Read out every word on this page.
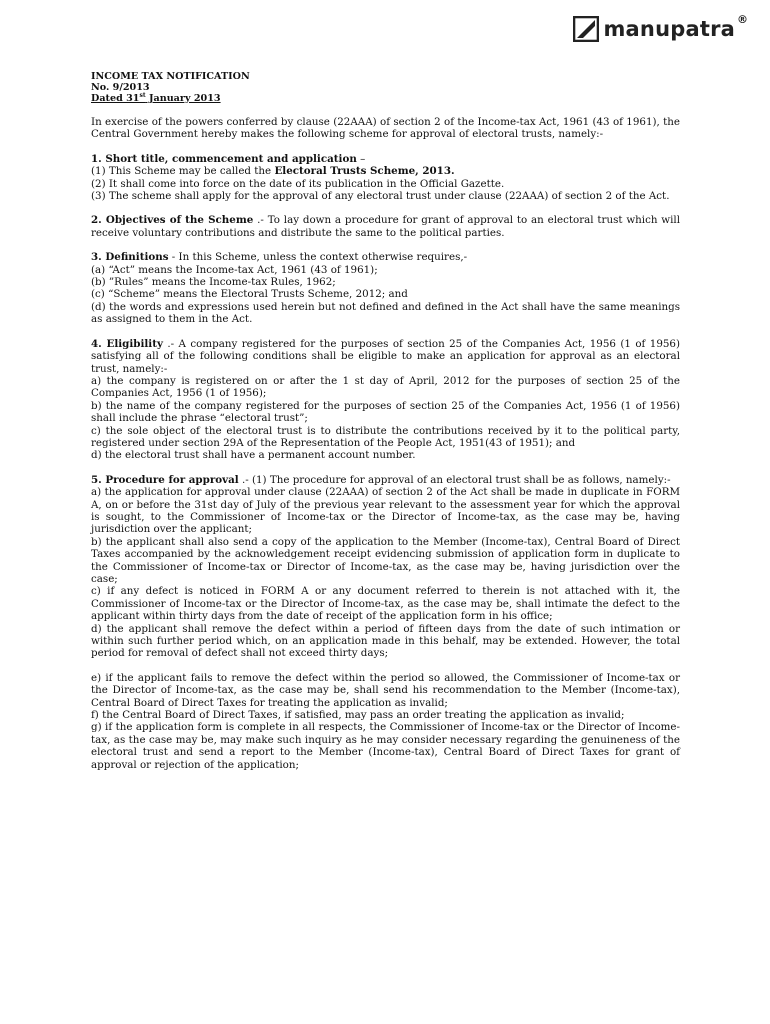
manupatra ®
INCOME TAX NOTIFICATION
No. 9/2013
Dated 31st January 2013

In exercise of the powers conferred by clause (22AAA) of section 2 of the Income-tax Act, 1961 (43 of 1961), the Central Government hereby makes the following scheme for approval of electoral trusts, namely:-

1. Short title, commencement and application –

(1) This Scheme may be called the Electoral Trusts Scheme, 2013.

(2) It shall come into force on the date of its publication in the Official Gazette.

(3) The scheme shall apply for the approval of any electoral trust under clause (22AAA) of section 2 of the Act.

2. Objectives of the Scheme .- To lay down a procedure for grant of approval to an electoral trust which will receive voluntary contributions and distribute the same to the political parties.

3. Definitions - In this Scheme, unless the context otherwise requires,-

(a) “Act” means the Income-tax Act, 1961 (43 of 1961);

(b) ”Rules” means the Income-tax Rules, 1962;

(c) “Scheme” means the Electoral Trusts Scheme, 2012; and

(d) the words and expressions used herein but not defined and defined in the Act shall have the same meanings as assigned to them in the Act.

4. Eligibility .- A company registered for the purposes of section 25 of the Companies Act, 1956 (1 of 1956) satisfying all of the following conditions shall be eligible to make an application for approval as an electoral trust, namely:-

a) the company is registered on or after the 1 st day of April, 2012 for the purposes of section 25 of the Companies Act, 1956 (1 of 1956);

b) the name of the company registered for the purposes of section 25 of the Companies Act, 1956 (1 of 1956) shall include the phrase “electoral trust”;

c) the sole object of the electoral trust is to distribute the contributions received by it to the political party, registered under section 29A of the Representation of the People Act, 1951(43 of 1951); and

d) the electoral trust shall have a permanent account number.

5. Procedure for approval .- (1) The procedure for approval of an electoral trust shall be as follows, namely:-

a) the application for approval under clause (22AAA) of section 2 of the Act shall be made in duplicate in FORM A, on or before the 31st day of July of the previous year relevant to the assessment year for which the approval is sought, to the Commissioner of Income-tax or the Director of Income-tax, as the case may be, having jurisdiction over the applicant;

b) the applicant shall also send a copy of the application to the Member (Income-tax), Central Board of Direct Taxes accompanied by the acknowledgement receipt evidencing submission of application form in duplicate to the Commissioner of Income-tax or Director of Income-tax, as the case may be, having jurisdiction over the case;

c) if any defect is noticed in FORM A or any document referred to therein is not attached with it, the Commissioner of Income-tax or the Director of Income-tax, as the case may be, shall intimate the defect to the applicant within thirty days from the date of receipt of the application form in his office;

d) the applicant shall remove the defect within a period of fifteen days from the date of such intimation or within such further period which, on an application made in this behalf, may be extended. However, the total period for removal of defect shall not exceed thirty days;

e) if the applicant fails to remove the defect within the period so allowed, the Commissioner of Income-tax or the Director of Income-tax, as the case may be, shall send his recommendation to the Member (Income-tax), Central Board of Direct Taxes for treating the application as invalid;

f) the Central Board of Direct Taxes, if satisfied, may pass an order treating the application as invalid;

g) if the application form is complete in all respects, the Commissioner of Income-tax or the Director of Income-tax, as the case may be, may make such inquiry as he may consider necessary regarding the genuineness of the electoral trust and send a report to the Member (Income-tax), Central Board of Direct Taxes for grant of approval or rejection of the application;
